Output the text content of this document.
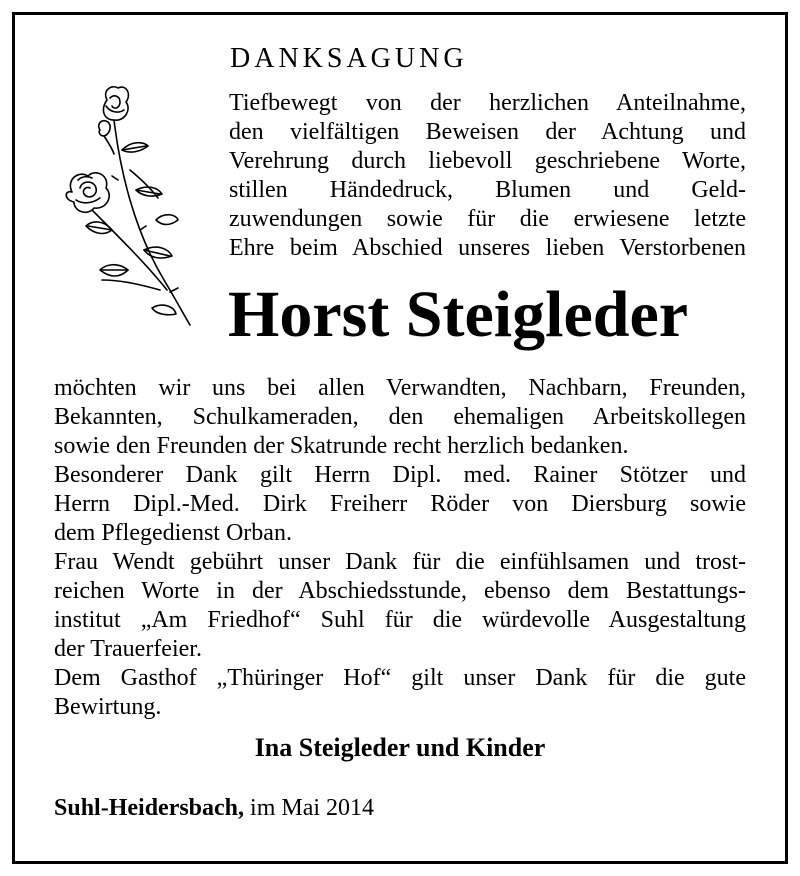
DANKSAGUNG
Tiefbewegt von der herzlichen Anteilnahme,
den vielfältigen Beweisen der Achtung und
Verehrung durch liebevoll geschriebene Worte,
stillen Händedruck, Blumen und Geld-
zuwendungen sowie für die erwiesene letzte
Ehre beim Abschied unseres lieben Verstorbenen
Horst Steigleder
möchten wir uns bei allen Verwandten, Nachbarn, Freunden,
Bekannten, Schulkameraden, den ehemaligen Arbeitskollegen
sowie den Freunden der Skatrunde recht herzlich bedanken.
Besonderer Dank gilt Herrn Dipl. med. Rainer Stötzer und
Herrn Dipl.-Med. Dirk Freiherr Röder von Diersburg sowie
dem Pflegedienst Orban.
Frau Wendt gebührt unser Dank für die einfühlsamen und trost-
reichen Worte in der Abschiedsstunde, ebenso dem Bestattungs-
institut „Am Friedhof“ Suhl für die würdevolle Ausgestaltung
der Trauerfeier.
Dem Gasthof „Thüringer Hof“ gilt unser Dank für die gute
Bewirtung.
Ina Steigleder und Kinder
Suhl-Heidersbach, im Mai 2014
